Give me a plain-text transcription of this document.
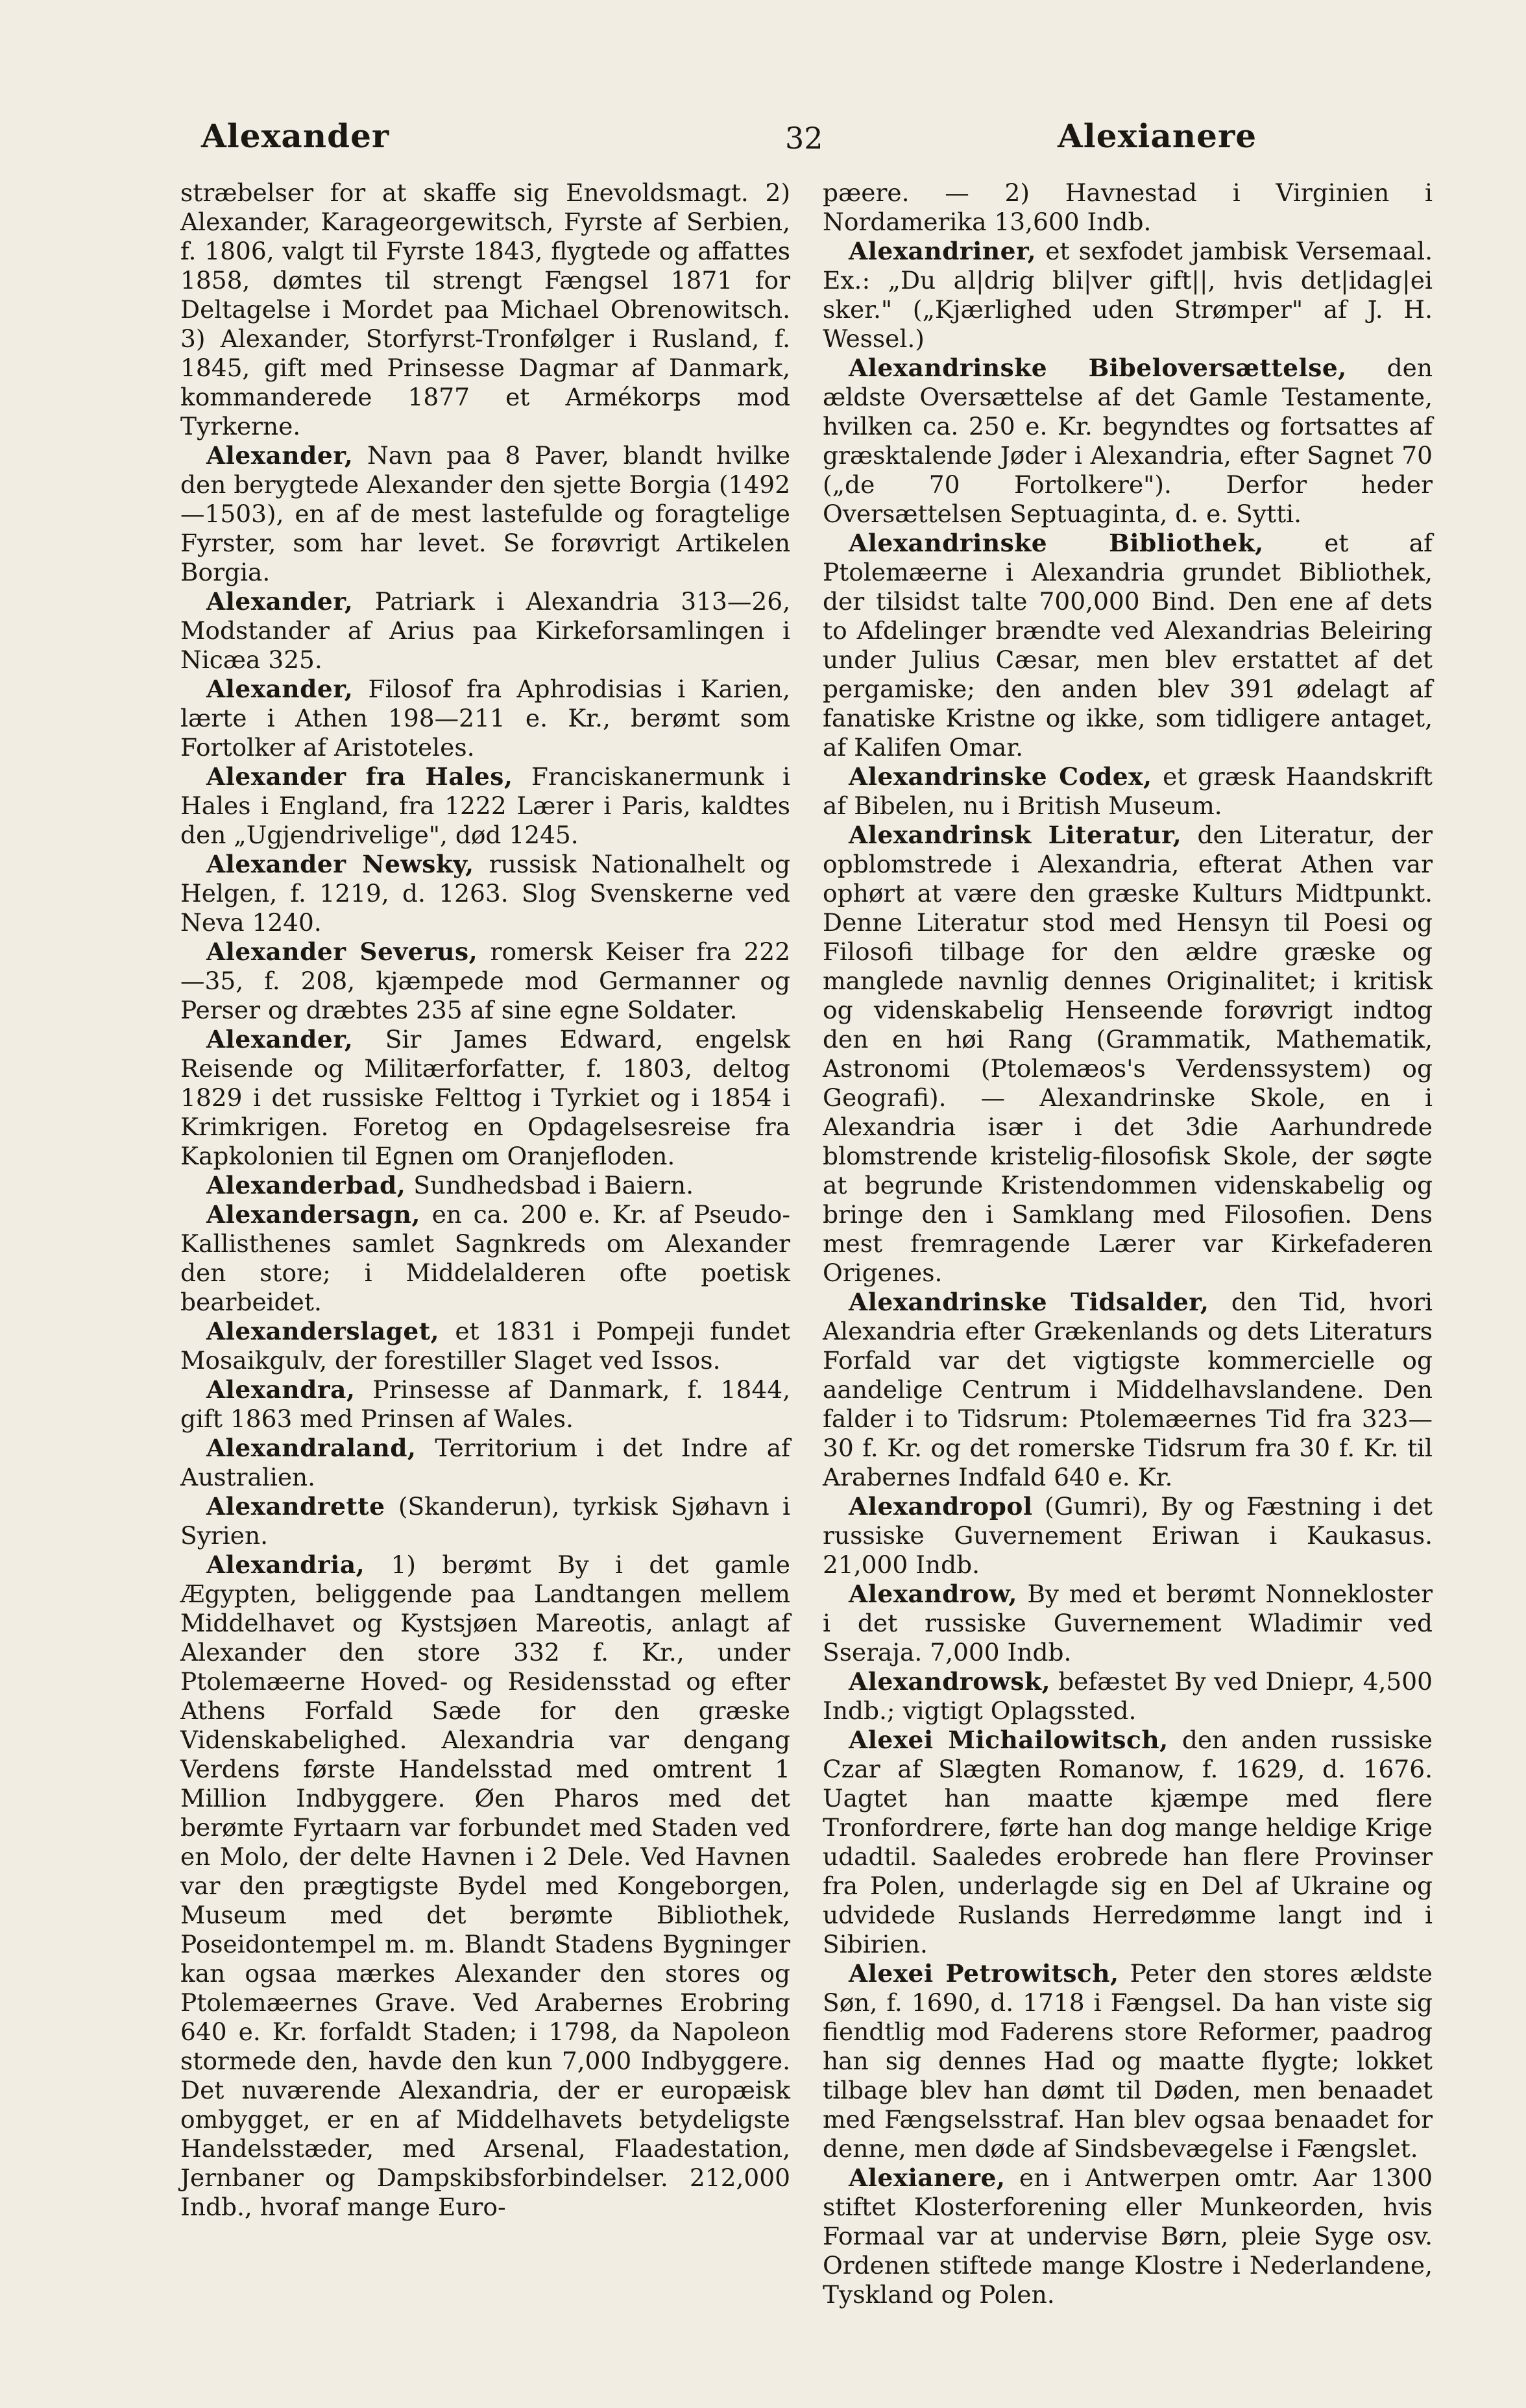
Alexander	32	Alexianere

stræbelser for at skaffe sig Enevoldsmagt. 2) Alexander, Karageorgewitsch, Fyrste af Serbien, f. 1806, valgt til Fyrste 1843, flygtede og affattes 1858, dømtes til strengt Fængsel 1871 for Deltagelse i Mordet paa Michael Obrenowitsch. 3) Alexander, Storfyrst-Tronfølger i Rusland, f. 1845, gift med Prinsesse Dagmar af Danmark, kommanderede 1877 et Armékorps mod Tyrkerne.

Alexander, Navn paa 8 Paver, blandt hvilke den berygtede Alexander den sjette Borgia (1492—1503), en af de mest lastefulde og foragtelige Fyrster, som har levet. Se forøvrigt Artikelen Borgia.

Alexander, Patriark i Alexandria 313—26, Modstander af Arius paa Kirkeforsamlingen i Nicæa 325.

Alexander, Filosof fra Aphrodisias i Karien, lærte i Athen 198—211 e. Kr., berømt som Fortolker af Aristoteles.

Alexander fra Hales, Franciskanermunk i Hales i England, fra 1222 Lærer i Paris, kaldtes den „Ugjendrivelige", død 1245.

Alexander Newsky, russisk Nationalhelt og Helgen, f. 1219, d. 1263. Slog Svenskerne ved Neva 1240.

Alexander Severus, romersk Keiser fra 222—35, f. 208, kjæmpede mod Germanner og Perser og dræbtes 235 af sine egne Soldater.

Alexander, Sir James Edward, engelsk Reisende og Militærforfatter, f. 1803, deltog 1829 i det russiske Felttog i Tyrkiet og i 1854 i Krimkrigen. Foretog en Opdagelsesreise fra Kapkolonien til Egnen om Oranjefloden.

Alexanderbad, Sundhedsbad i Baiern.

Alexandersagn, en ca. 200 e. Kr. af Pseudo-Kallisthenes samlet Sagnkreds om Alexander den store; i Middelalderen ofte poetisk bearbeidet.

Alexanderslaget, et 1831 i Pompeji fundet Mosaikgulv, der forestiller Slaget ved Issos.

Alexandra, Prinsesse af Danmark, f. 1844, gift 1863 med Prinsen af Wales.

Alexandraland, Territorium i det Indre af Australien.

Alexandrette (Skanderun), tyrkisk Sjøhavn i Syrien.

Alexandria, 1) berømt By i det gamle Ægypten, beliggende paa Landtangen mellem Middelhavet og Kystsjøen Mareotis, anlagt af Alexander den store 332 f. Kr., under Ptolemæerne Hoved- og Residensstad og efter Athens Forfald Sæde for den græske Videnskabelighed. Alexandria var dengang Verdens første Handelsstad med omtrent 1 Million Indbyggere. Øen Pharos med det berømte Fyrtaarn var forbundet med Staden ved en Molo, der delte Havnen i 2 Dele. Ved Havnen var den prægtigste Bydel med Kongeborgen, Museum med det berømte Bibliothek, Poseidontempel m. m. Blandt Stadens Bygninger kan ogsaa mærkes Alexander den stores og Ptolemæernes Grave. Ved Arabernes Erobring 640 e. Kr. forfaldt Staden; i 1798, da Napoleon stormede den, havde den kun 7,000 Indbyggere. Det nuværende Alexandria, der er europæisk ombygget, er en af Middelhavets betydeligste Handelsstæder, med Arsenal, Flaadestation, Jernbaner og Dampskibsforbindelser. 212,000 Indb., hvoraf mange Euro-

pæere. — 2) Havnestad i Virginien i Nordamerika 13,600 Indb.

Alexandriner, et sexfodet jambisk Versemaal. Ex.: „Du al|drig bli|ver gift||, hvis det|idag|ei sker." („Kjærlighed uden Strømper" af J. H. Wessel.)

Alexandrinske Bibeloversættelse, den ældste Oversættelse af det Gamle Testamente, hvilken ca. 250 e. Kr. begyndtes og fortsattes af græsktalende Jøder i Alexandria, efter Sagnet 70 („de 70 Fortolkere"). Derfor heder Oversættelsen Septuaginta, d. e. Sytti.

Alexandrinske Bibliothek, et af Ptolemæerne i Alexandria grundet Bibliothek, der tilsidst talte 700,000 Bind. Den ene af dets to Afdelinger brændte ved Alexandrias Beleiring under Julius Cæsar, men blev erstattet af det pergamiske; den anden blev 391 ødelagt af fanatiske Kristne og ikke, som tidligere antaget, af Kalifen Omar.

Alexandrinske Codex, et græsk Haandskrift af Bibelen, nu i British Museum.

Alexandrinsk Literatur, den Literatur, der opblomstrede i Alexandria, efterat Athen var ophørt at være den græske Kulturs Midtpunkt. Denne Literatur stod med Hensyn til Poesi og Filosofi tilbage for den ældre græske og manglede navnlig dennes Originalitet; i kritisk og videnskabelig Henseende forøvrigt indtog den en høi Rang (Grammatik, Mathematik, Astronomi (Ptolemæos's Verdenssystem) og Geografi). — Alexandrinske Skole, en i Alexandria især i det 3die Aarhundrede blomstrende kristelig-filosofisk Skole, der søgte at begrunde Kristendommen videnskabelig og bringe den i Samklang med Filosofien. Dens mest fremragende Lærer var Kirkefaderen Origenes.

Alexandrinske Tidsalder, den Tid, hvori Alexandria efter Grækenlands og dets Literaturs Forfald var det vigtigste kommercielle og aandelige Centrum i Middelhavslandene. Den falder i to Tidsrum: Ptolemæernes Tid fra 323—30 f. Kr. og det romerske Tidsrum fra 30 f. Kr. til Arabernes Indfald 640 e. Kr.

Alexandropol (Gumri), By og Fæstning i det russiske Guvernement Eriwan i Kaukasus. 21,000 Indb.

Alexandrow, By med et berømt Nonnekloster i det russiske Guvernement Wladimir ved Sseraja. 7,000 Indb.

Alexandrowsk, befæstet By ved Dniepr, 4,500 Indb.; vigtigt Oplagssted.

Alexei Michailowitsch, den anden russiske Czar af Slægten Romanow, f. 1629, d. 1676. Uagtet han maatte kjæmpe med flere Tronfordrere, førte han dog mange heldige Krige udadtil. Saaledes erobrede han flere Provinser fra Polen, underlagde sig en Del af Ukraine og udvidede Ruslands Herredømme langt ind i Sibirien.

Alexei Petrowitsch, Peter den stores ældste Søn, f. 1690, d. 1718 i Fængsel. Da han viste sig fiendtlig mod Faderens store Reformer, paadrog han sig dennes Had og maatte flygte; lokket tilbage blev han dømt til Døden, men benaadet med Fængselsstraf. Han blev ogsaa benaadet for denne, men døde af Sindsbevægelse i Fængslet.

Alexianere, en i Antwerpen omtr. Aar 1300 stiftet Klosterforening eller Munkeorden, hvis Formaal var at undervise Børn, pleie Syge osv. Ordenen stiftede mange Klostre i Nederlandene, Tyskland og Polen.
